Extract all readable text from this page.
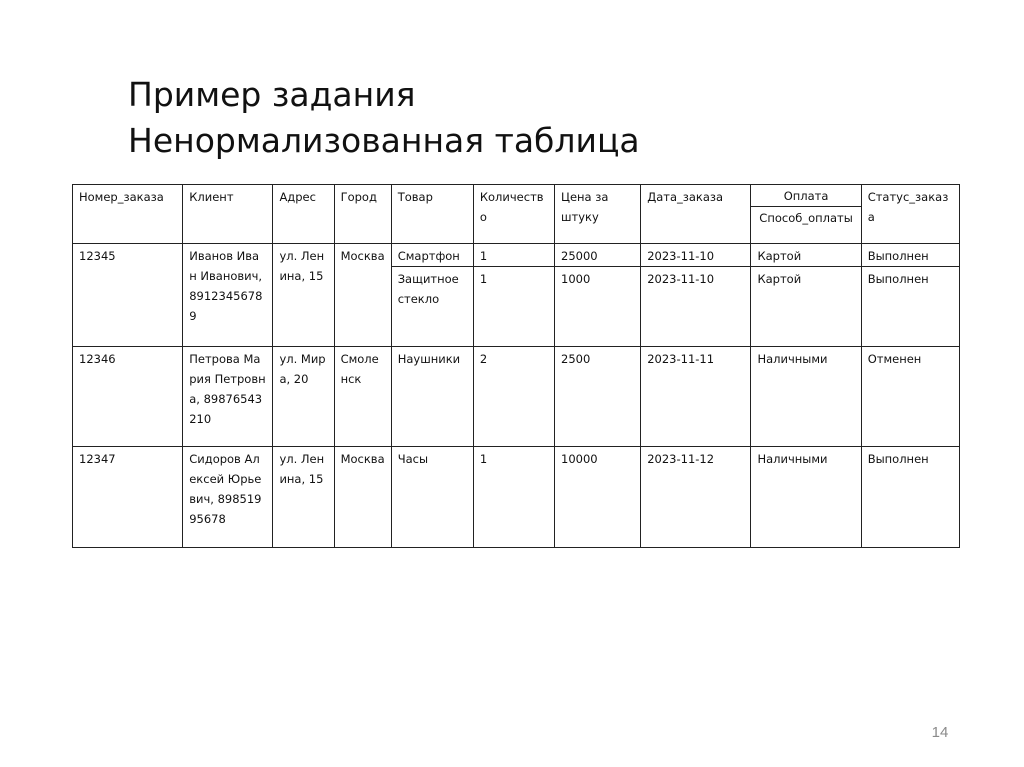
Пример задания
Ненормализованная таблица
Номер_заказа	Клиент	Адрес	Город	Товар	Количество	Цена за штуку	Дата_заказа	Оплата	Статус_заказа
								Способ_оплаты	
12345	Иванов Иван Иванович, 89123456789	ул. Ленина, 15	Москва	Смартфон	1	25000	2023-11-10	Картой	Выполнен
				Защитное стекло	1	1000	2023-11-10	Картой	Выполнен
12346	Петрова Мария Петровна, 89876543210	ул. Мира, 20	Смоленск	Наушники	2	2500	2023-11-11	Наличными	Отменен
12347	Сидоров Алексей Юрьевич, 89851995678	ул. Ленина, 15	Москва	Часы	1	10000	2023-11-12	Наличными	Выполнен
14
